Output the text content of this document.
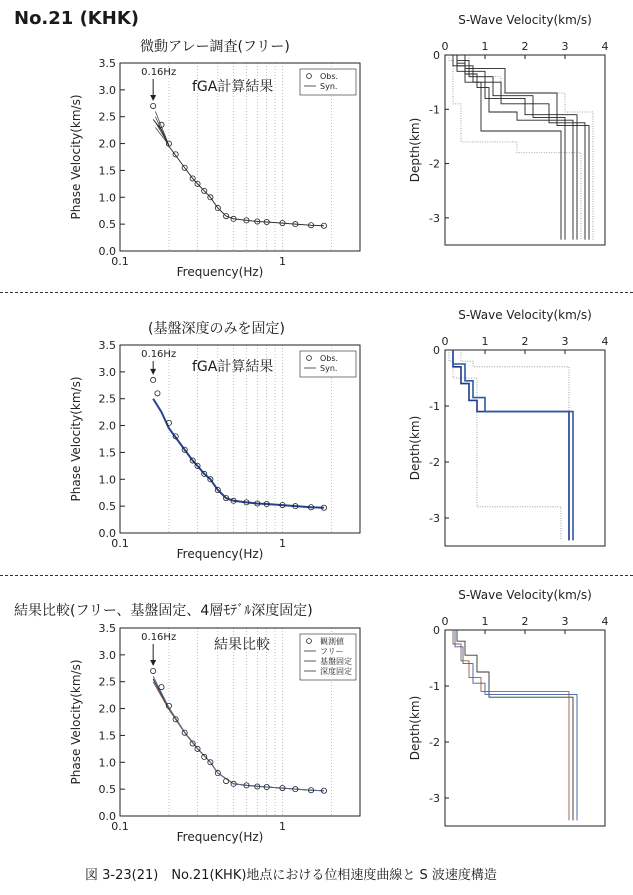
No.21 (KHK)
微動アレー調査(フリー)
fGA計算結果
(基盤深度のみを固定)
fGA計算結果
結果比較(フリー、基盤固定、4層ﾓﾃﾞﾙ深度固定)
結果比較
0.0
0.5
1.0
1.5
2.0
2.5
3.0
3.5
0.1	1
Frequency(Hz)
Phase Velocity(km/s)
0.16Hz	Obs.
Syn.
S-Wave Velocity(km/s)
0	1	2	3	4
0
-1
-2
-3
Depth(km)
0.0
0.5
1.0
1.5
2.0
2.5
3.0
3.5
0.1	1
Frequency(Hz)
Phase Velocity(km/s)
0.16Hz	Obs.
Syn.
S-Wave Velocity(km/s)
0	1	2	3	4
0
-1
-2
-3
Depth(km)
0.0
0.5
1.0
1.5
2.0
2.5
3.0
3.5
0.1	1
Frequency(Hz)
Phase Velocity(km/s)
0.16Hz	観測値
フリー
基盤固定
深度固定
S-Wave Velocity(km/s)
0	1	2	3	4
0
-1
-2
-3
Depth(km)
図 3-23(21)　No.21(KHK)地点における位相速度曲線と S 波速度構造
